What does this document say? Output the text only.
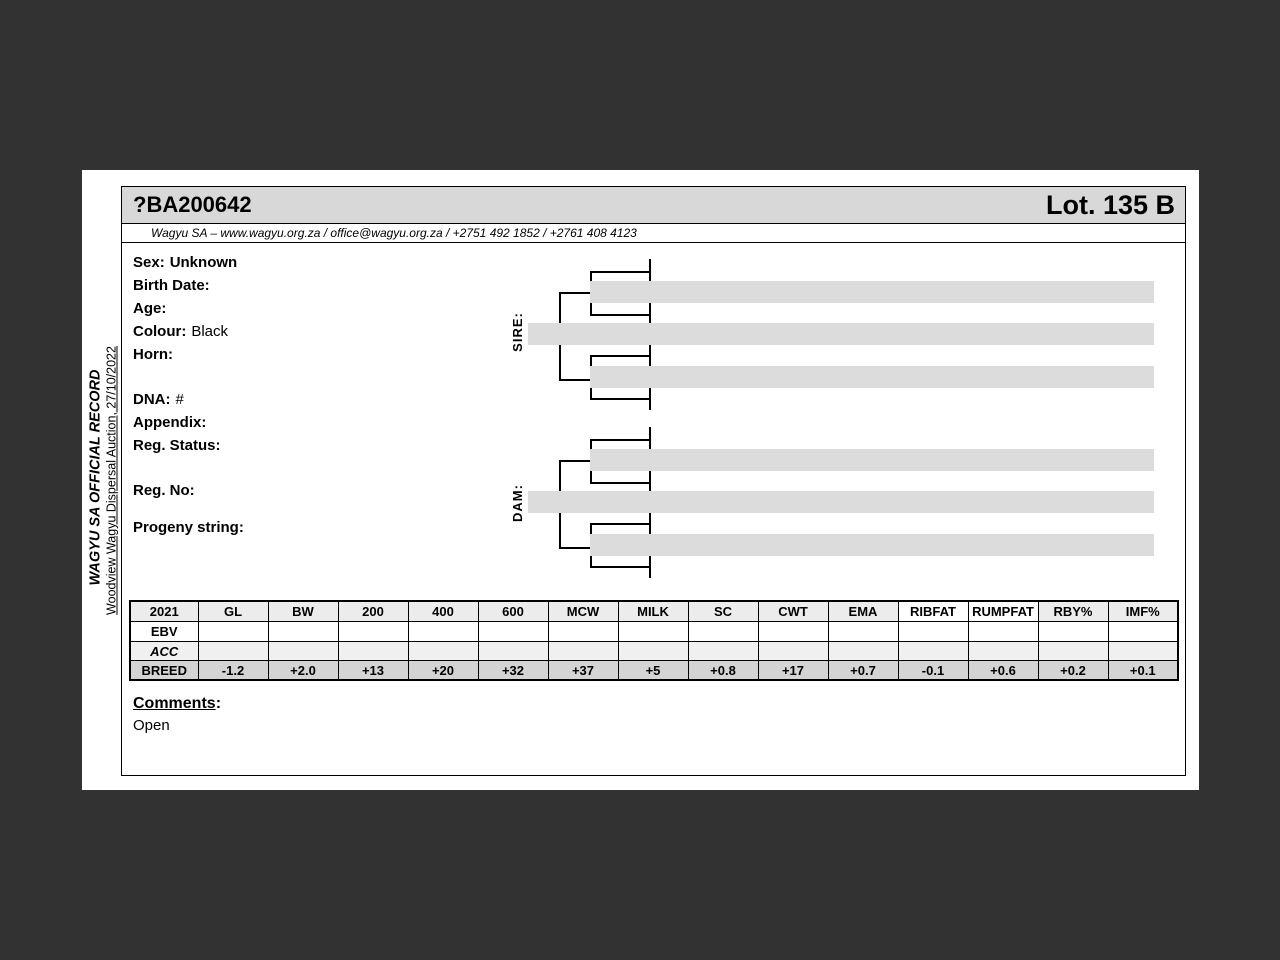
WAGYU SA OFFICIAL RECORD Woodview Wagyu Dispersal Auction, 27/10/2022
?BA200642	Lot. 135 B
Wagyu SA – www.wagyu.org.za / office@wagyu.org.za / +2751 492 1852 / +2761 408 4123
Sex: Unknown
Birth Date:
Age:
Colour: Black
Horn:
DNA: #
Appendix:
Reg. Status:
Reg. No:
Progeny string:
SIRE:
DAM:
2021	GL	BW	200	400	600	MCW	MILK	SC	CWT	EMA	RIBFAT	RUMPFAT	RBY%	IMF%
EBV														
ACC														
BREED	-1.2	+2.0	+13	+20	+32	+37	+5	+0.8	+17	+0.7	-0.1	+0.6	+0.2	+0.1
Comments:
Open
